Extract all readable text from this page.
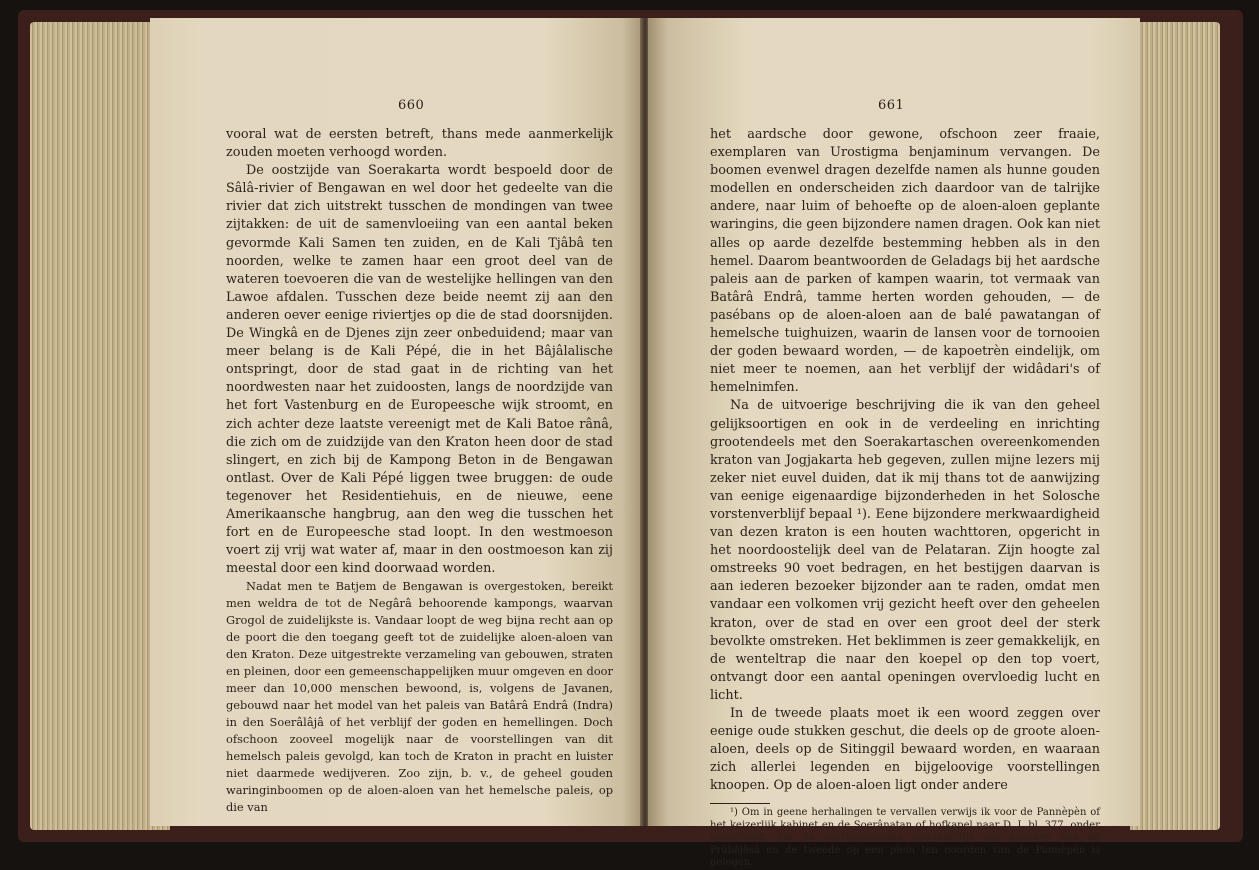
660

vooral wat de eersten betreft, thans mede aanmerkelijk zouden moeten verhoogd worden.

De oostzijde van Soerakarta wordt bespoeld door de Sâlâ-rivier of Bengawan en wel door het gedeelte van die rivier dat zich uitstrekt tusschen de mondingen van twee zijtakken: de uit de samenvloeiing van een aantal beken gevormde Kali Samen ten zuiden, en de Kali Tjâbâ ten noorden, welke te zamen haar een groot deel van de wateren toevoeren die van de westelijke hellingen van den Lawoe afdalen. Tusschen deze beide neemt zij aan den anderen oever eenige riviertjes op die de stad doorsnijden. De Wingkâ en de Djenes zijn zeer onbeduidend; maar van meer belang is de Kali Pépé, die in het Bâjâlalische ontspringt, door de stad gaat in de richting van het noordwesten naar het zuidoosten, langs de noordzijde van het fort Vastenburg en de Europeesche wijk stroomt, en zich achter deze laatste vereenigt met de Kali Batoe rânâ, die zich om de zuidzijde van den Kraton heen door de stad slingert, en zich bij de Kampong Beton in de Bengawan ontlast. Over de Kali Pépé liggen twee bruggen: de oude tegenover het Residentiehuis, en de nieuwe, eene Amerikaansche hangbrug, aan den weg die tusschen het fort en de Europeesche stad loopt. In den westmoeson voert zij vrij wat water af, maar in den oostmoeson kan zij meestal door een kind doorwaad worden.

Nadat men te Batjem de Bengawan is overgestoken, bereikt men weldra de tot de Negârâ behoorende kampongs, waarvan Grogol de zuidelijkste is. Vandaar loopt de weg bijna recht aan op de poort die den toegang geeft tot de zuidelijke aloen-aloen van den Kraton. Deze uitgestrekte verzameling van gebouwen, straten en pleinen, door een gemeenschappelijken muur omgeven en door meer dan 10,000 menschen bewoond, is, volgens de Javanen, gebouwd naar het model van het paleis van Batârâ Endrâ (Indra) in den Soerâlâjâ of het verblijf der goden en hemellingen. Doch ofschoon zooveel mogelijk naar de voorstellingen van dit hemelsch paleis gevolgd, kan toch de Kraton in pracht en luister niet daarmede wedijveren. Zoo zijn, b. v., de geheel gouden waringinboomen op de aloen-aloen van het hemelsche paleis, op die van

661

het aardsche door gewone, ofschoon zeer fraaie, exemplaren van Urostigma benjaminum vervangen. De boomen evenwel dragen dezelfde namen als hunne gouden modellen en onderscheiden zich daardoor van de talrijke andere, naar luim of behoefte op de aloen-aloen geplante waringins, die geen bijzondere namen dragen. Ook kan niet alles op aarde dezelfde bestemming hebben als in den hemel. Daarom beantwoorden de Geladags bij het aardsche paleis aan de parken of kampen waarin, tot vermaak van Batârâ Endrâ, tamme herten worden gehouden, — de pasébans op de aloen-aloen aan de balé pawatangan of hemelsche tuighuizen, waarin de lansen voor de tornooien der goden bewaard worden, — de kapoetrèn eindelijk, om niet meer te noemen, aan het verblijf der widâdari's of hemelnimfen.

Na de uitvoerige beschrijving die ik van den geheel gelijksoortigen en ook in de verdeeling en inrichting grootendeels met den Soerakartaschen overeenkomenden kraton van Jogjakarta heb gegeven, zullen mijne lezers mij zeker niet euvel duiden, dat ik mij thans tot de aanwijzing van eenige eigenaardige bijzonderheden in het Solosche vorstenverblijf bepaal ¹). Eene bijzondere merkwaardigheid van dezen kraton is een houten wachttoren, opgericht in het noordoostelijk deel van de Pelataran. Zijn hoogte zal omstreeks 90 voet bedragen, en het bestijgen daarvan is aan iederen bezoeker bijzonder aan te raden, omdat men vandaar een volkomen vrij gezicht heeft over den geheelen kraton, over de stad en over een groot deel der sterk bevolkte omstreken. Het beklimmen is zeer gemakkelijk, en de wenteltrap die naar den koepel op den top voert, ontvangt door een aantal openingen overvloedig lucht en licht.

In de tweede plaats moet ik een woord zeggen over eenige oude stukken geschut, die deels op de groote aloen-aloen, deels op de Sitinggil bewaard worden, en waaraan zich allerlei legenden en bijgeloovige voorstellingen knoopen. Op de aloen-aloen ligt onder andere

¹) Om in geene herhalingen te vervallen verwijs ik voor de Pannèpèn of het keizerlijk kabinet en de Soerânatan of hofkapel naar D. I, bl. 377, onder opmerking, dat de eerstgenoemde onmiddellijk ten noorden van de Prâbâjâsâ en de tweede op een plein ten noorden van de Pannèpèn is gelegen.
